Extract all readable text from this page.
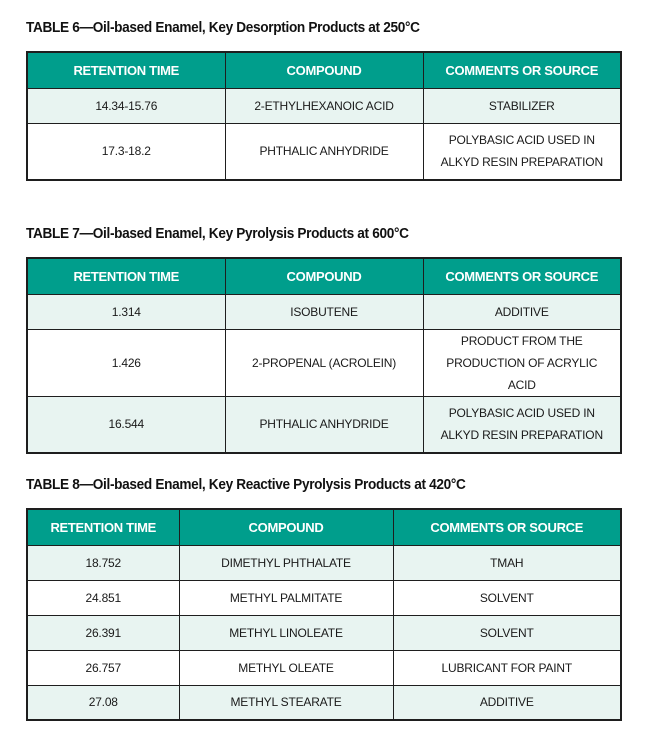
TABLE 6—Oil-based Enamel, Key Desorption Products at 250°C
RETENTION TIME	COMPOUND	COMMENTS OR SOURCE
14.34-15.76	2-ETHYLHEXANOIC ACID	STABILIZER
17.3-18.2	PHTHALIC ANHYDRIDE	POLYBASIC ACID USED IN ALKYD RESIN PREPARATION
TABLE 7—Oil-based Enamel, Key Pyrolysis Products at 600°C
RETENTION TIME	COMPOUND	COMMENTS OR SOURCE
1.314	ISOBUTENE	ADDITIVE
1.426	2-PROPENAL (ACROLEIN)	PRODUCT FROM THE PRODUCTION OF ACRYLIC ACID
16.544	PHTHALIC ANHYDRIDE	POLYBASIC ACID USED IN ALKYD RESIN PREPARATION
TABLE 8—Oil-based Enamel, Key Reactive Pyrolysis Products at 420°C
RETENTION TIME	COMPOUND	COMMENTS OR SOURCE
18.752	DIMETHYL PHTHALATE	TMAH
24.851	METHYL PALMITATE	SOLVENT
26.391	METHYL LINOLEATE	SOLVENT
26.757	METHYL OLEATE	LUBRICANT FOR PAINT
27.08	METHYL STEARATE	ADDITIVE
